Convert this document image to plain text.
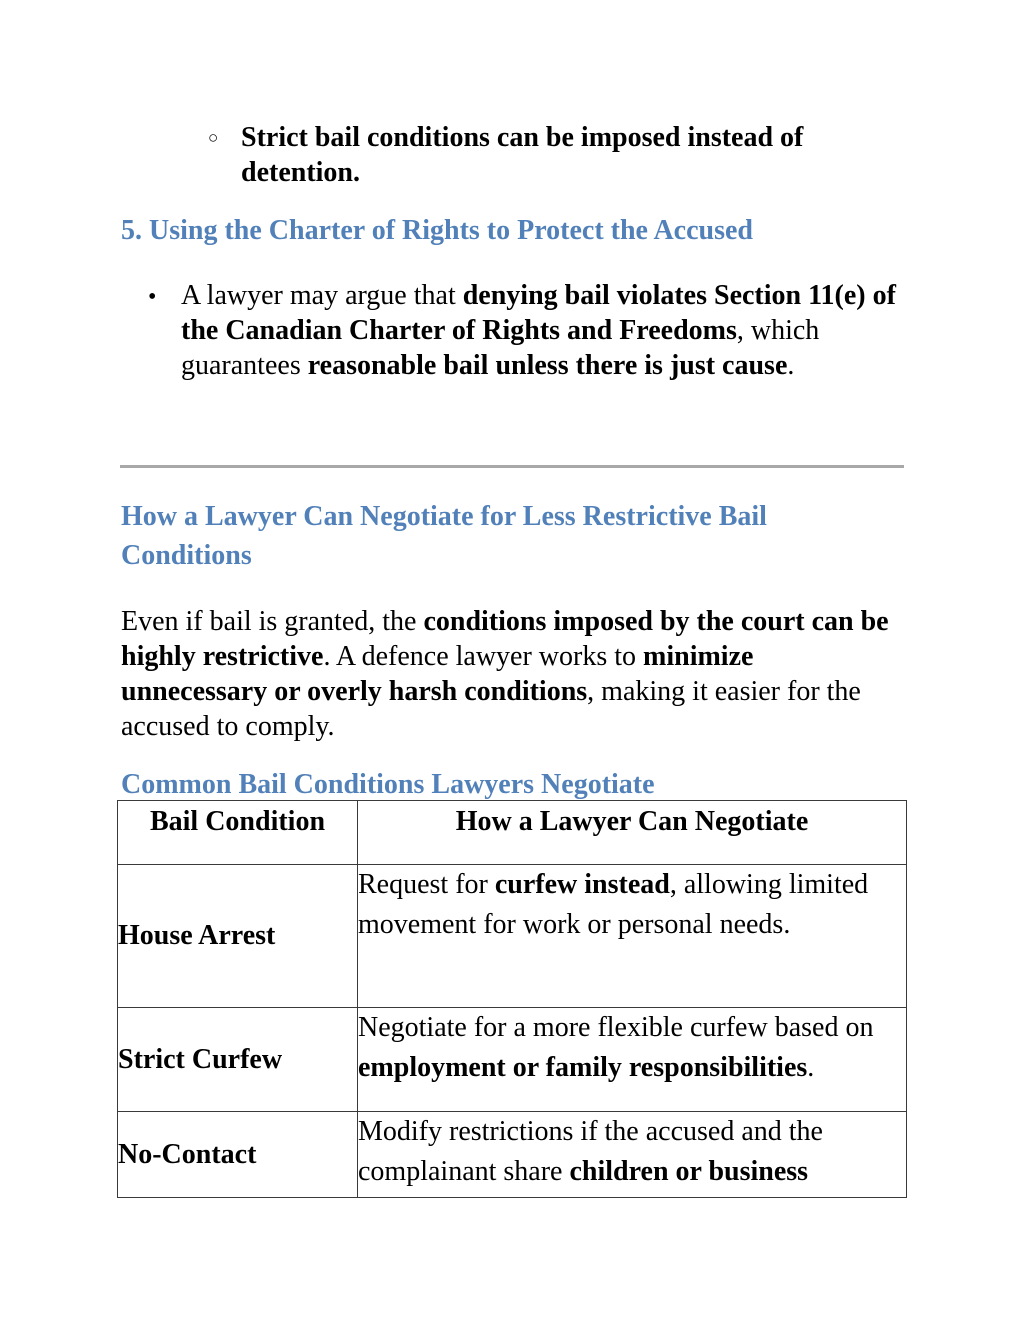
○ Strict bail conditions can be imposed instead of detention.
5. Using the Charter of Rights to Protect the Accused
• A lawyer may argue that denying bail violates Section 11(e) of the Canadian Charter of Rights and Freedoms, which guarantees reasonable bail unless there is just cause.
How a Lawyer Can Negotiate for Less Restrictive Bail Conditions
Even if bail is granted, the conditions imposed by the court can be highly restrictive. A defence lawyer works to minimize unnecessary or overly harsh conditions, making it easier for the accused to comply.
Common Bail Conditions Lawyers Negotiate
Bail Condition	How a Lawyer Can Negotiate
House Arrest	Request for curfew instead, allowing limited movement for work or personal needs.
Strict Curfew	Negotiate for a more flexible curfew based on employment or family responsibilities.
No-Contact	Modify restrictions if the accused and the complainant share children or business
